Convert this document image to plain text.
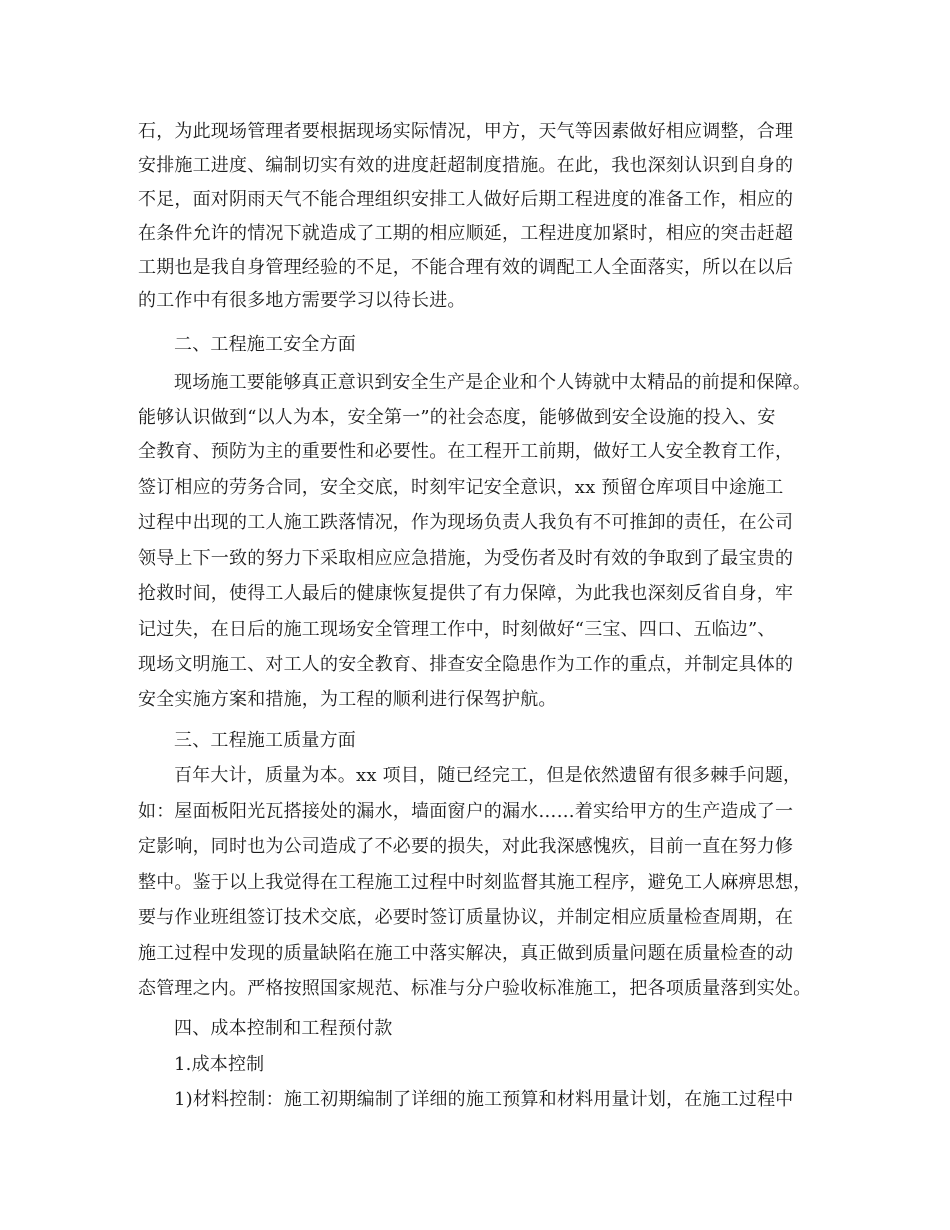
石，为此现场管理者要根据现场实际情况，甲方，天气等因素做好相应调整，合理
安排施工进度、编制切实有效的进度赶超制度措施。在此，我也深刻认识到自身的
不足，面对阴雨天气不能合理组织安排工人做好后期工程进度的准备工作，相应的
在条件允许的情况下就造成了工期的相应顺延，工程进度加紧时，相应的突击赶超
工期也是我自身管理经验的不足，不能合理有效的调配工人全面落实，所以在以后
的工作中有很多地方需要学习以待长进。
二、工程施工安全方面
现场施工要能够真正意识到安全生产是企业和个人铸就中太精品的前提和保障。
能够认识做到“以人为本，安全第一”的社会态度，能够做到安全设施的投入、安
全教育、预防为主的重要性和必要性。在工程开工前期，做好工人安全教育工作，
签订相应的劳务合同，安全交底，时刻牢记安全意识，xx 预留仓库项目中途施工
过程中出现的工人施工跌落情况，作为现场负责人我负有不可推卸的责任，在公司
领导上下一致的努力下采取相应应急措施，为受伤者及时有效的争取到了最宝贵的
抢救时间，使得工人最后的健康恢复提供了有力保障，为此我也深刻反省自身，牢
记过失，在日后的施工现场安全管理工作中，时刻做好“三宝、四口、五临边”、
现场文明施工、对工人的安全教育、排查安全隐患作为工作的重点，并制定具体的
安全实施方案和措施，为工程的顺利进行保驾护航。
三、工程施工质量方面
百年大计，质量为本。xx 项目，随已经完工，但是依然遗留有很多棘手问题，
如：屋面板阳光瓦搭接处的漏水，墙面窗户的漏水……着实给甲方的生产造成了一
定影响，同时也为公司造成了不必要的损失，对此我深感愧疚，目前一直在努力修
整中。鉴于以上我觉得在工程施工过程中时刻监督其施工程序，避免工人麻痹思想，
要与作业班组签订技术交底，必要时签订质量协议，并制定相应质量检查周期，在
施工过程中发现的质量缺陷在施工中落实解决，真正做到质量问题在质量检查的动
态管理之内。严格按照国家规范、标准与分户验收标准施工，把各项质量落到实处。
四、成本控制和工程预付款
1.成本控制
1)材料控制：施工初期编制了详细的施工预算和材料用量计划，在施工过程中
